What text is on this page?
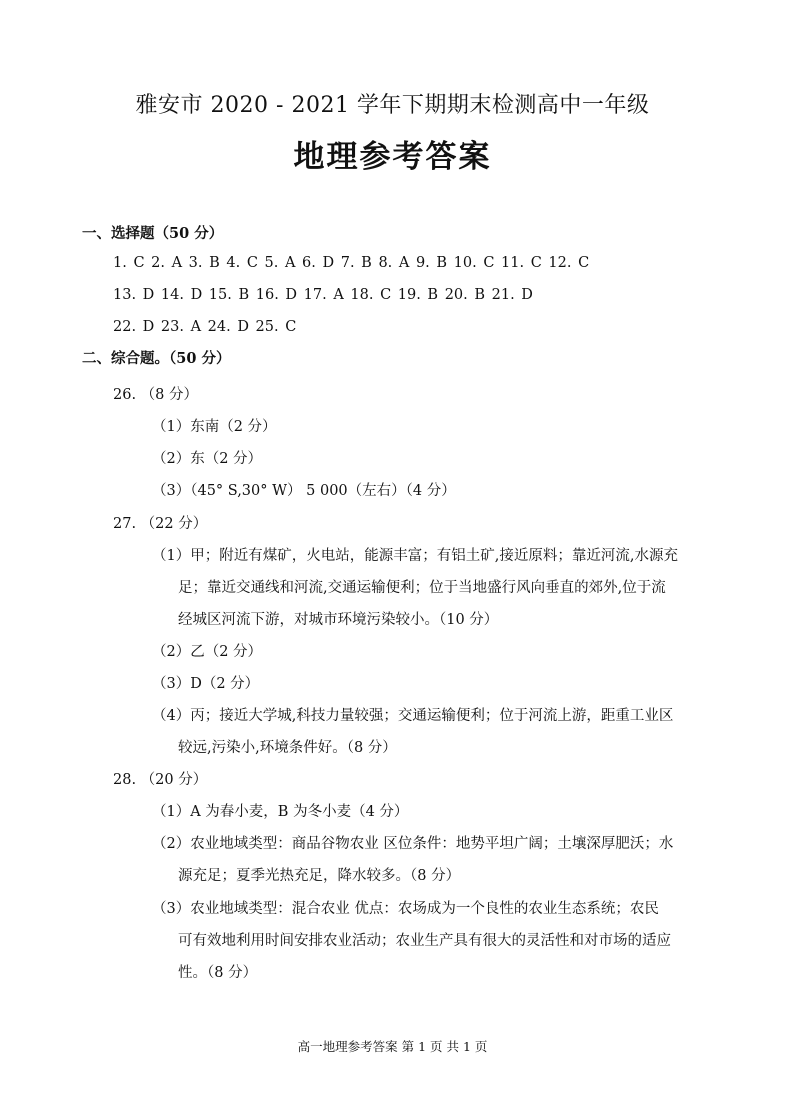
雅安市 2020 - 2021 学年下期期末检测高中一年级
地理参考答案
一、选择题（50 分）
1. C 2. A 3. B 4. C 5. A 6. D 7. B 8. A 9. B 10. C 11. C 12. C
13. D 14. D 15. B 16. D 17. A 18. C 19. B 20. B 21. D
22. D 23. A 24. D 25. C
二、综合题。（50 分）
26. （8 分）
（1）东南（2 分）
（2）东（2 分）
（3）（45° S,30° W） 5 000（左右）（4 分）
27. （22 分）
（1）甲；附近有煤矿，火电站，能源丰富；有铝土矿,接近原料；靠近河流,水源充
足；靠近交通线和河流,交通运输便利；位于当地盛行风向垂直的郊外,位于流
经城区河流下游，对城市环境污染较小。（10 分）
（2）乙（2 分）
（3）D（2 分）
（4）丙；接近大学城,科技力量较强；交通运输便利；位于河流上游，距重工业区
较远,污染小,环境条件好。（8 分）
28. （20 分）
（1）A 为春小麦，B 为冬小麦（4 分）
（2）农业地域类型：商品谷物农业 区位条件：地势平坦广阔；土壤深厚肥沃；水
源充足；夏季光热充足，降水较多。（8 分）
（3）农业地域类型：混合农业 优点：农场成为一个良性的农业生态系统；农民
可有效地利用时间安排农业活动；农业生产具有很大的灵活性和对市场的适应
性。（8 分）
高一地理参考答案 第 1 页 共 1 页
